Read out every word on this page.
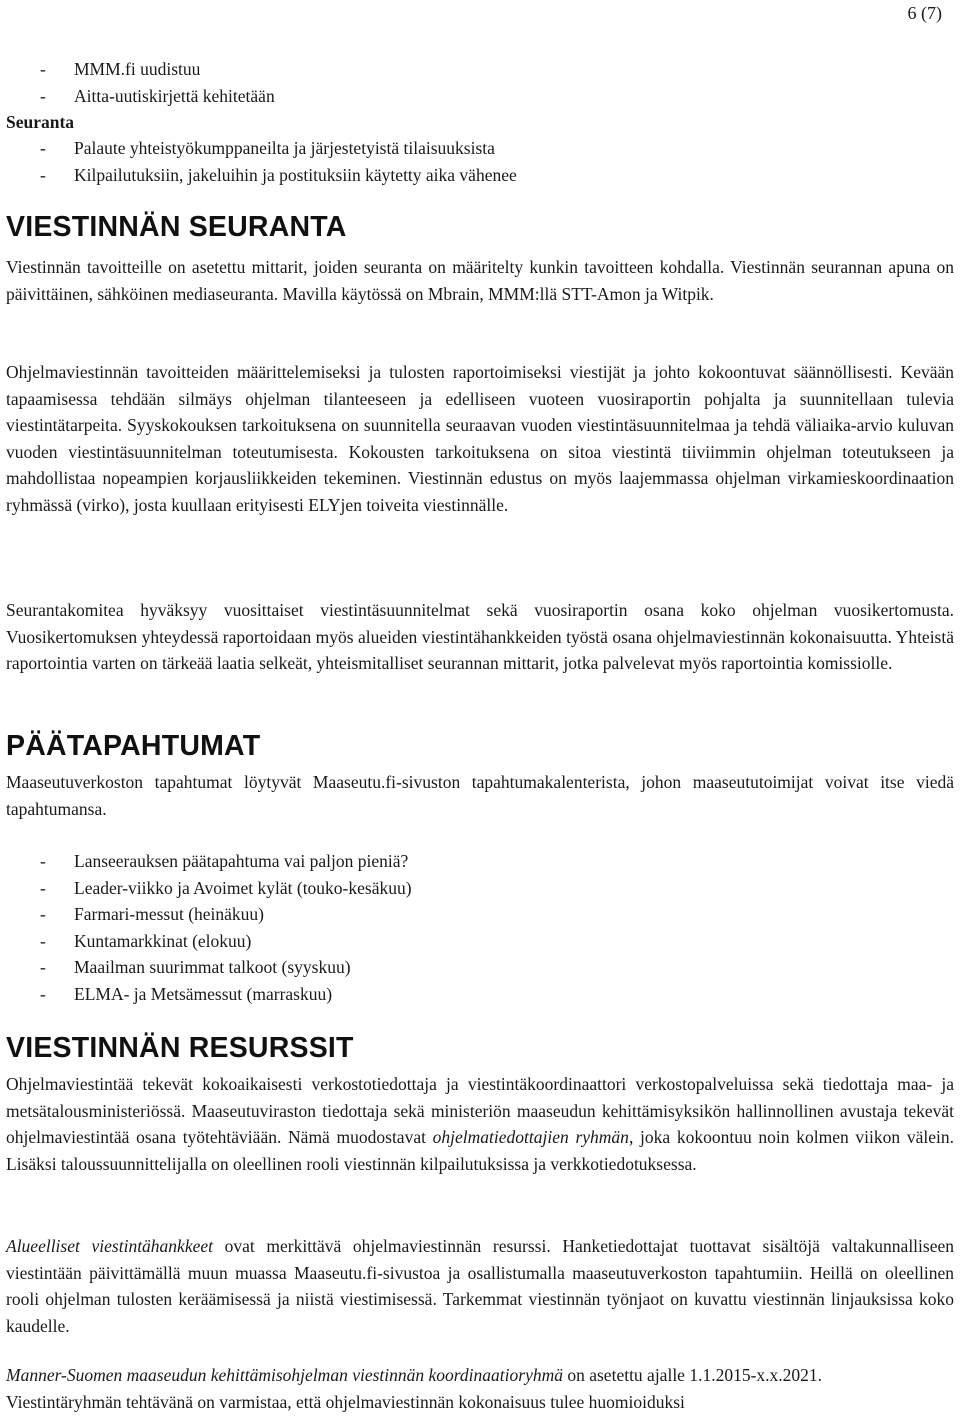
6 (7)
- MMM.fi uudistuu
- Aitta-uutiskirjettä kehitetään
Seuranta
- Palaute yhteistyökumppaneilta ja järjestetyistä tilaisuuksista
- Kilpailutuksiin, jakeluihin ja postituksiin käytetty aika vähenee
VIESTINNÄN SEURANTA

Viestinnän tavoitteille on asetettu mittarit, joiden seuranta on määritelty kunkin tavoitteen kohdalla. Viestinnän seurannan apuna on päivittäinen, sähköinen mediaseuranta. Mavilla käytössä on Mbrain, MMM:llä STT-Amon ja Witpik.

Ohjelmaviestinnän tavoitteiden määrittelemiseksi ja tulosten raportoimiseksi viestijät ja johto kokoontuvat säännöllisesti. Kevään tapaamisessa tehdään silmäys ohjelman tilanteeseen ja edelliseen vuoteen vuosiraportin pohjalta ja suunnitellaan tulevia viestintätarpeita. Syyskokouksen tarkoituksena on suunnitella seuraavan vuoden viestintäsuunnitelmaa ja tehdä väliaika-arvio kuluvan vuoden viestintäsuunnitelman toteutumisesta. Kokousten tarkoituksena on sitoa viestintä tiiviimmin ohjelman toteutukseen ja mahdollistaa nopeampien korjausliikkeiden tekeminen. Viestinnän edustus on myös laajemmassa ohjelman virkamieskoordinaation ryhmässä (virko), josta kuullaan erityisesti ELYjen toiveita viestinnälle.

Seurantakomitea hyväksyy vuosittaiset viestintäsuunnitelmat sekä vuosiraportin osana koko ohjelman vuosikertomusta. Vuosikertomuksen yhteydessä raportoidaan myös alueiden viestintähankkeiden työstä osana ohjelmaviestinnän kokonaisuutta. Yhteistä raportointia varten on tärkeää laatia selkeät, yhteismitalliset seurannan mittarit, jotka palvelevat myös raportointia komissiolle.

PÄÄTAPAHTUMAT

Maaseutuverkoston tapahtumat löytyvät Maaseutu.fi-sivuston tapahtumakalenterista, johon maaseututoimijat voivat itse viedä tapahtumansa.

- Lanseerauksen päätapahtuma vai paljon pieniä?
- Leader-viikko ja Avoimet kylät (touko-kesäkuu)
- Farmari-messut (heinäkuu)
- Kuntamarkkinat (elokuu)
- Maailman suurimmat talkoot (syyskuu)
- ELMA- ja Metsämessut (marraskuu)
VIESTINNÄN RESURSSIT

Ohjelmaviestintää tekevät kokoaikaisesti verkostotiedottaja ja viestintäkoordinaattori verkostopalveluissa sekä tiedottaja maa- ja metsätalousministeriössä. Maaseutuviraston tiedottaja sekä ministeriön maaseudun kehittämisyksikön hallinnollinen avustaja tekevät ohjelmaviestintää osana työtehtäviään. Nämä muodostavat ohjelmatiedottajien ryhmän, joka kokoontuu noin kolmen viikon välein. Lisäksi taloussuunnittelijalla on oleellinen rooli viestinnän kilpailutuksissa ja verkkotiedotuksessa.

Alueelliset viestintähankkeet ovat merkittävä ohjelmaviestinnän resurssi. Hanketiedottajat tuottavat sisältöjä valtakunnalliseen viestintään päivittämällä muun muassa Maaseutu.fi-sivustoa ja osallistumalla maaseutuverkoston tapahtumiin. Heillä on oleellinen rooli ohjelman tulosten keräämisessä ja niistä viestimisessä. Tarkemmat viestinnän työnjaot on kuvattu viestinnän linjauksissa koko kaudelle.

Manner-Suomen maaseudun kehittämisohjelman viestinnän koordinaatioryhmä on asetettu ajalle 1.1.2015-x.x.2021.
Viestintäryhmän tehtävänä on varmistaa, että ohjelmaviestinnän kokonaisuus tulee huomioiduksi
